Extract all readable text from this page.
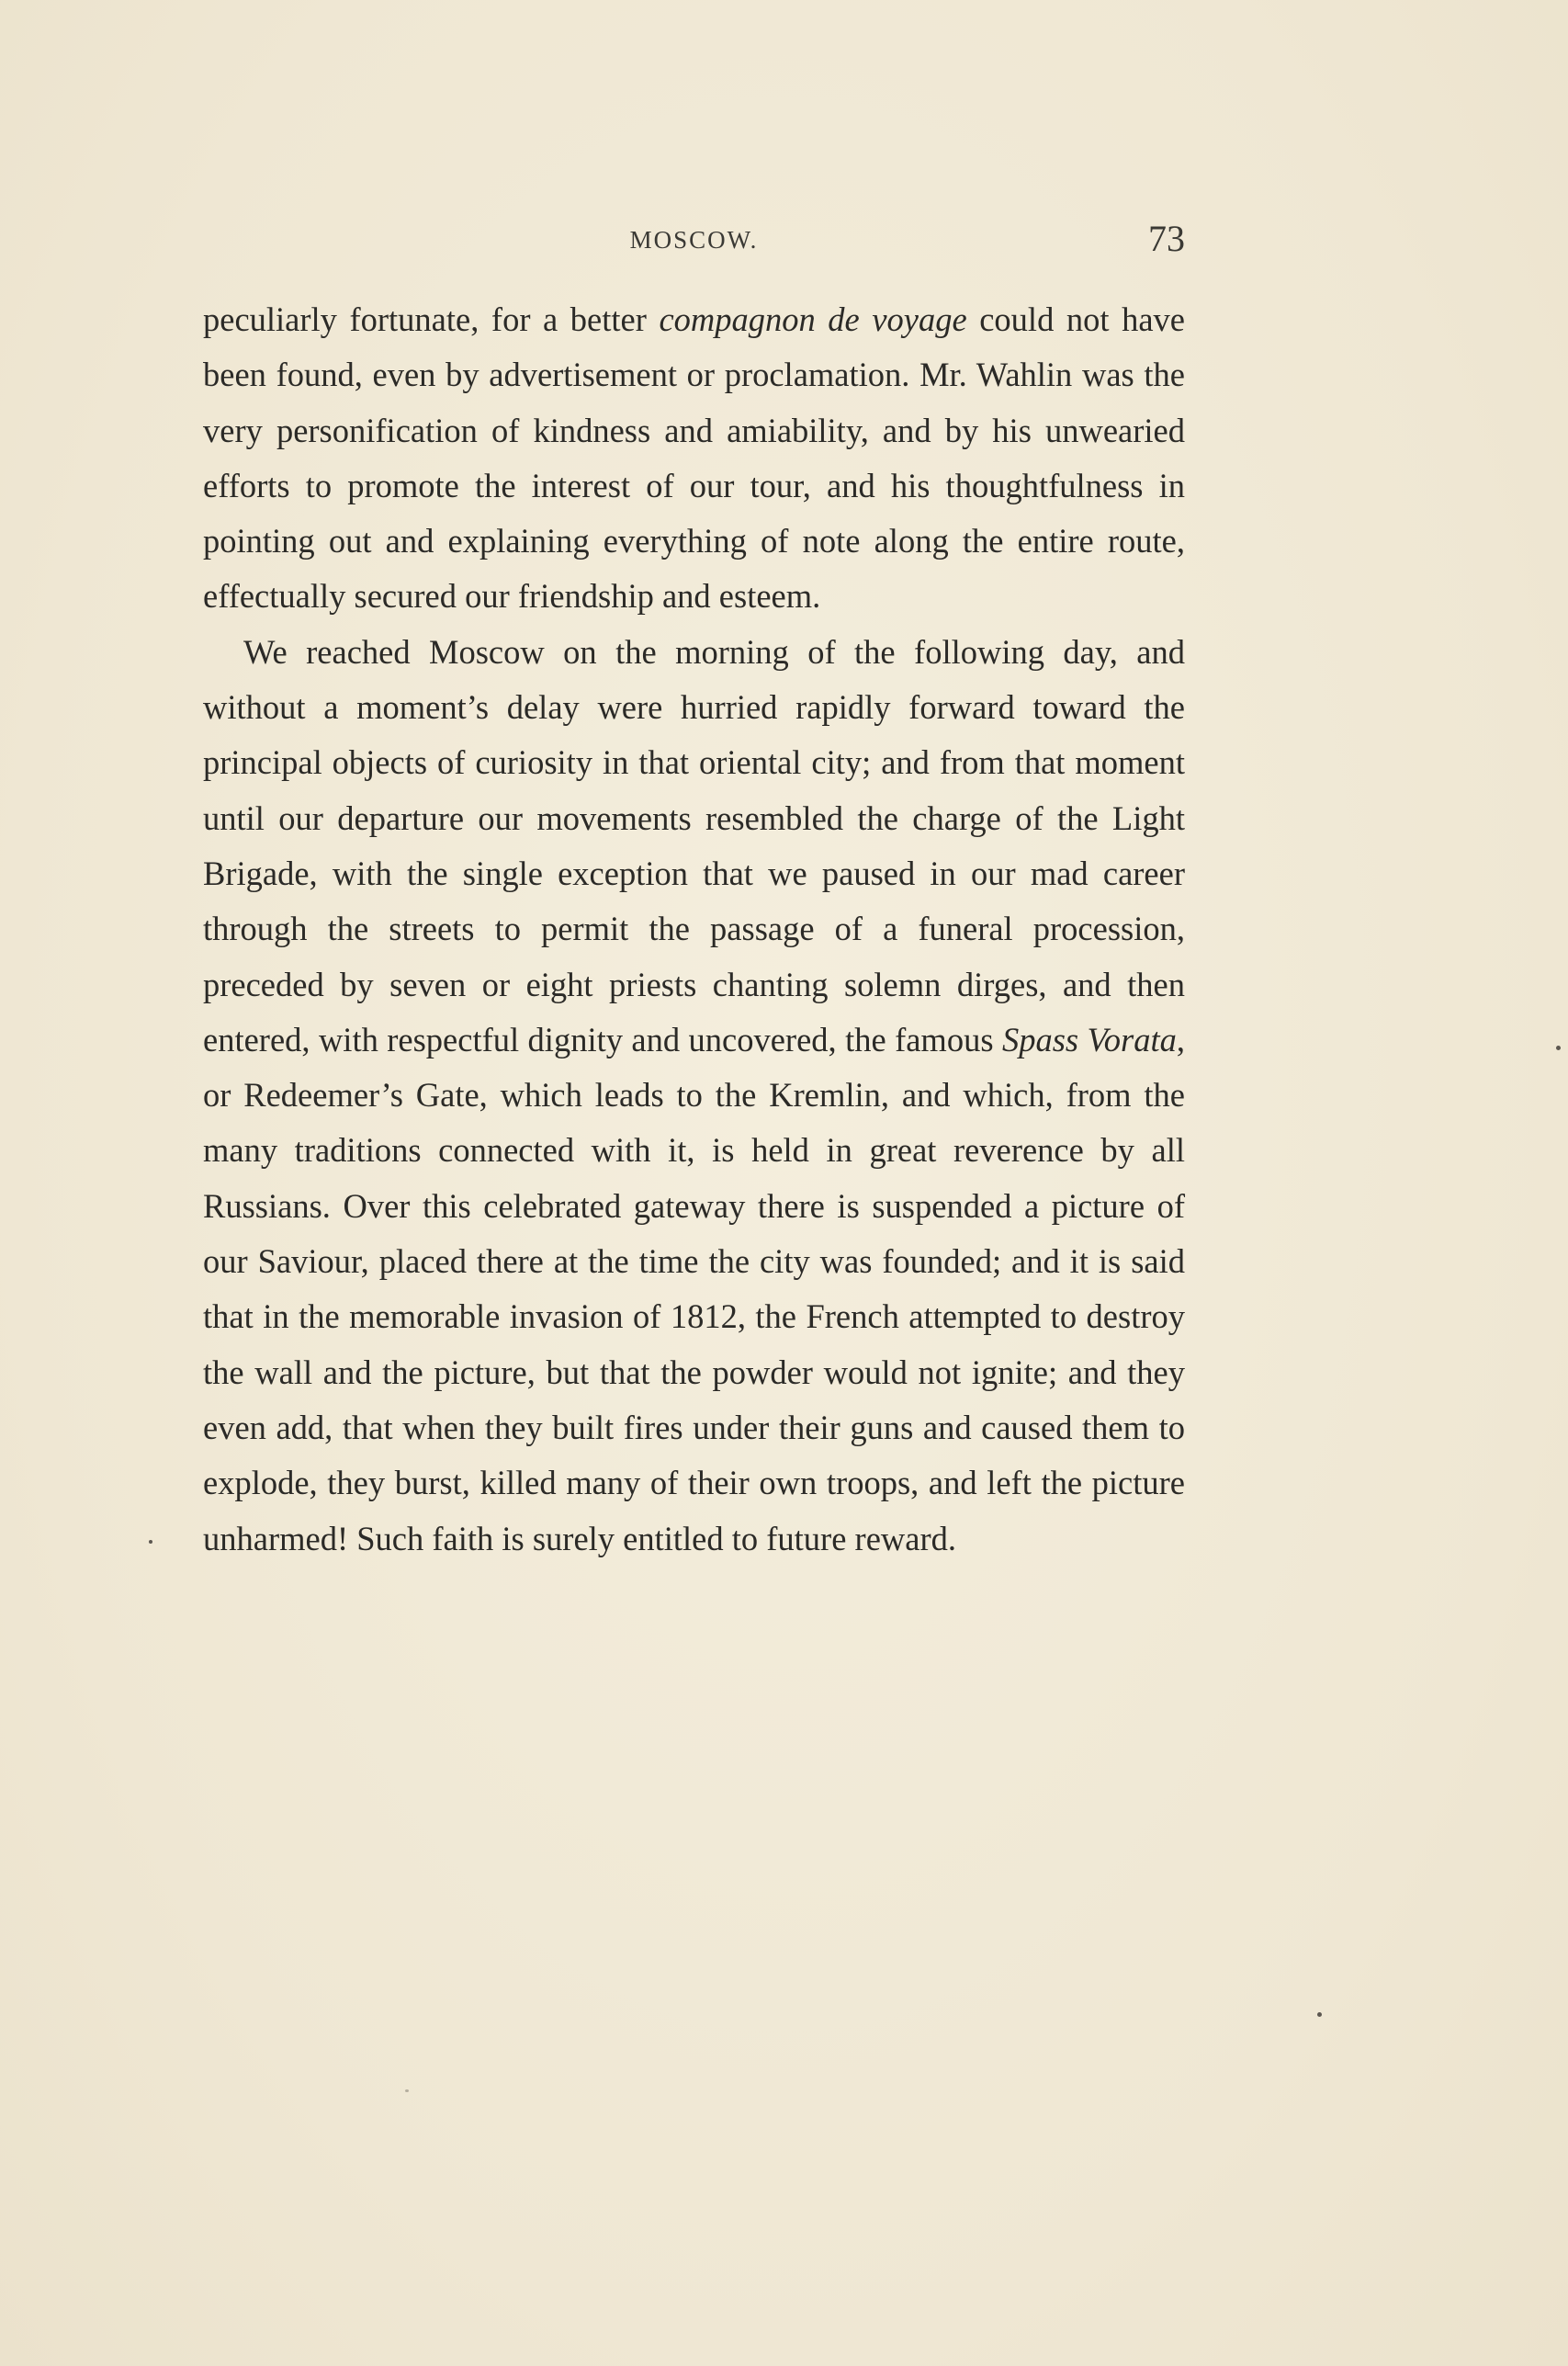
MOSCOW.	73

peculiarly fortunate, for a better compagnon de voyage could not have been found, even by advertisement or proclamation. Mr. Wahlin was the very personification of kindness and amiability, and by his unwearied efforts to promote the interest of our tour, and his thoughtfulness in pointing out and explaining everything of note along the entire route, effectually secured our friendship and esteem.

We reached Moscow on the morning of the following day, and without a moment’s delay were hurried rapidly forward toward the principal objects of curiosity in that oriental city; and from that moment until our departure our movements resembled the charge of the Light Brigade, with the single exception that we paused in our mad career through the streets to permit the passage of a funeral procession, preceded by seven or eight priests chanting solemn dirges, and then entered, with respectful dignity and uncovered, the famous Spass Vorata, or Redeemer’s Gate, which leads to the Kremlin, and which, from the many traditions connected with it, is held in great reverence by all Russians. Over this celebrated gateway there is suspended a picture of our Saviour, placed there at the time the city was founded; and it is said that in the memorable invasion of 1812, the French attempted to destroy the wall and the picture, but that the powder would not ignite; and they even add, that when they built fires under their guns and caused them to explode, they burst, killed many of their own troops, and left the picture unharmed! Such faith is surely entitled to future reward.
